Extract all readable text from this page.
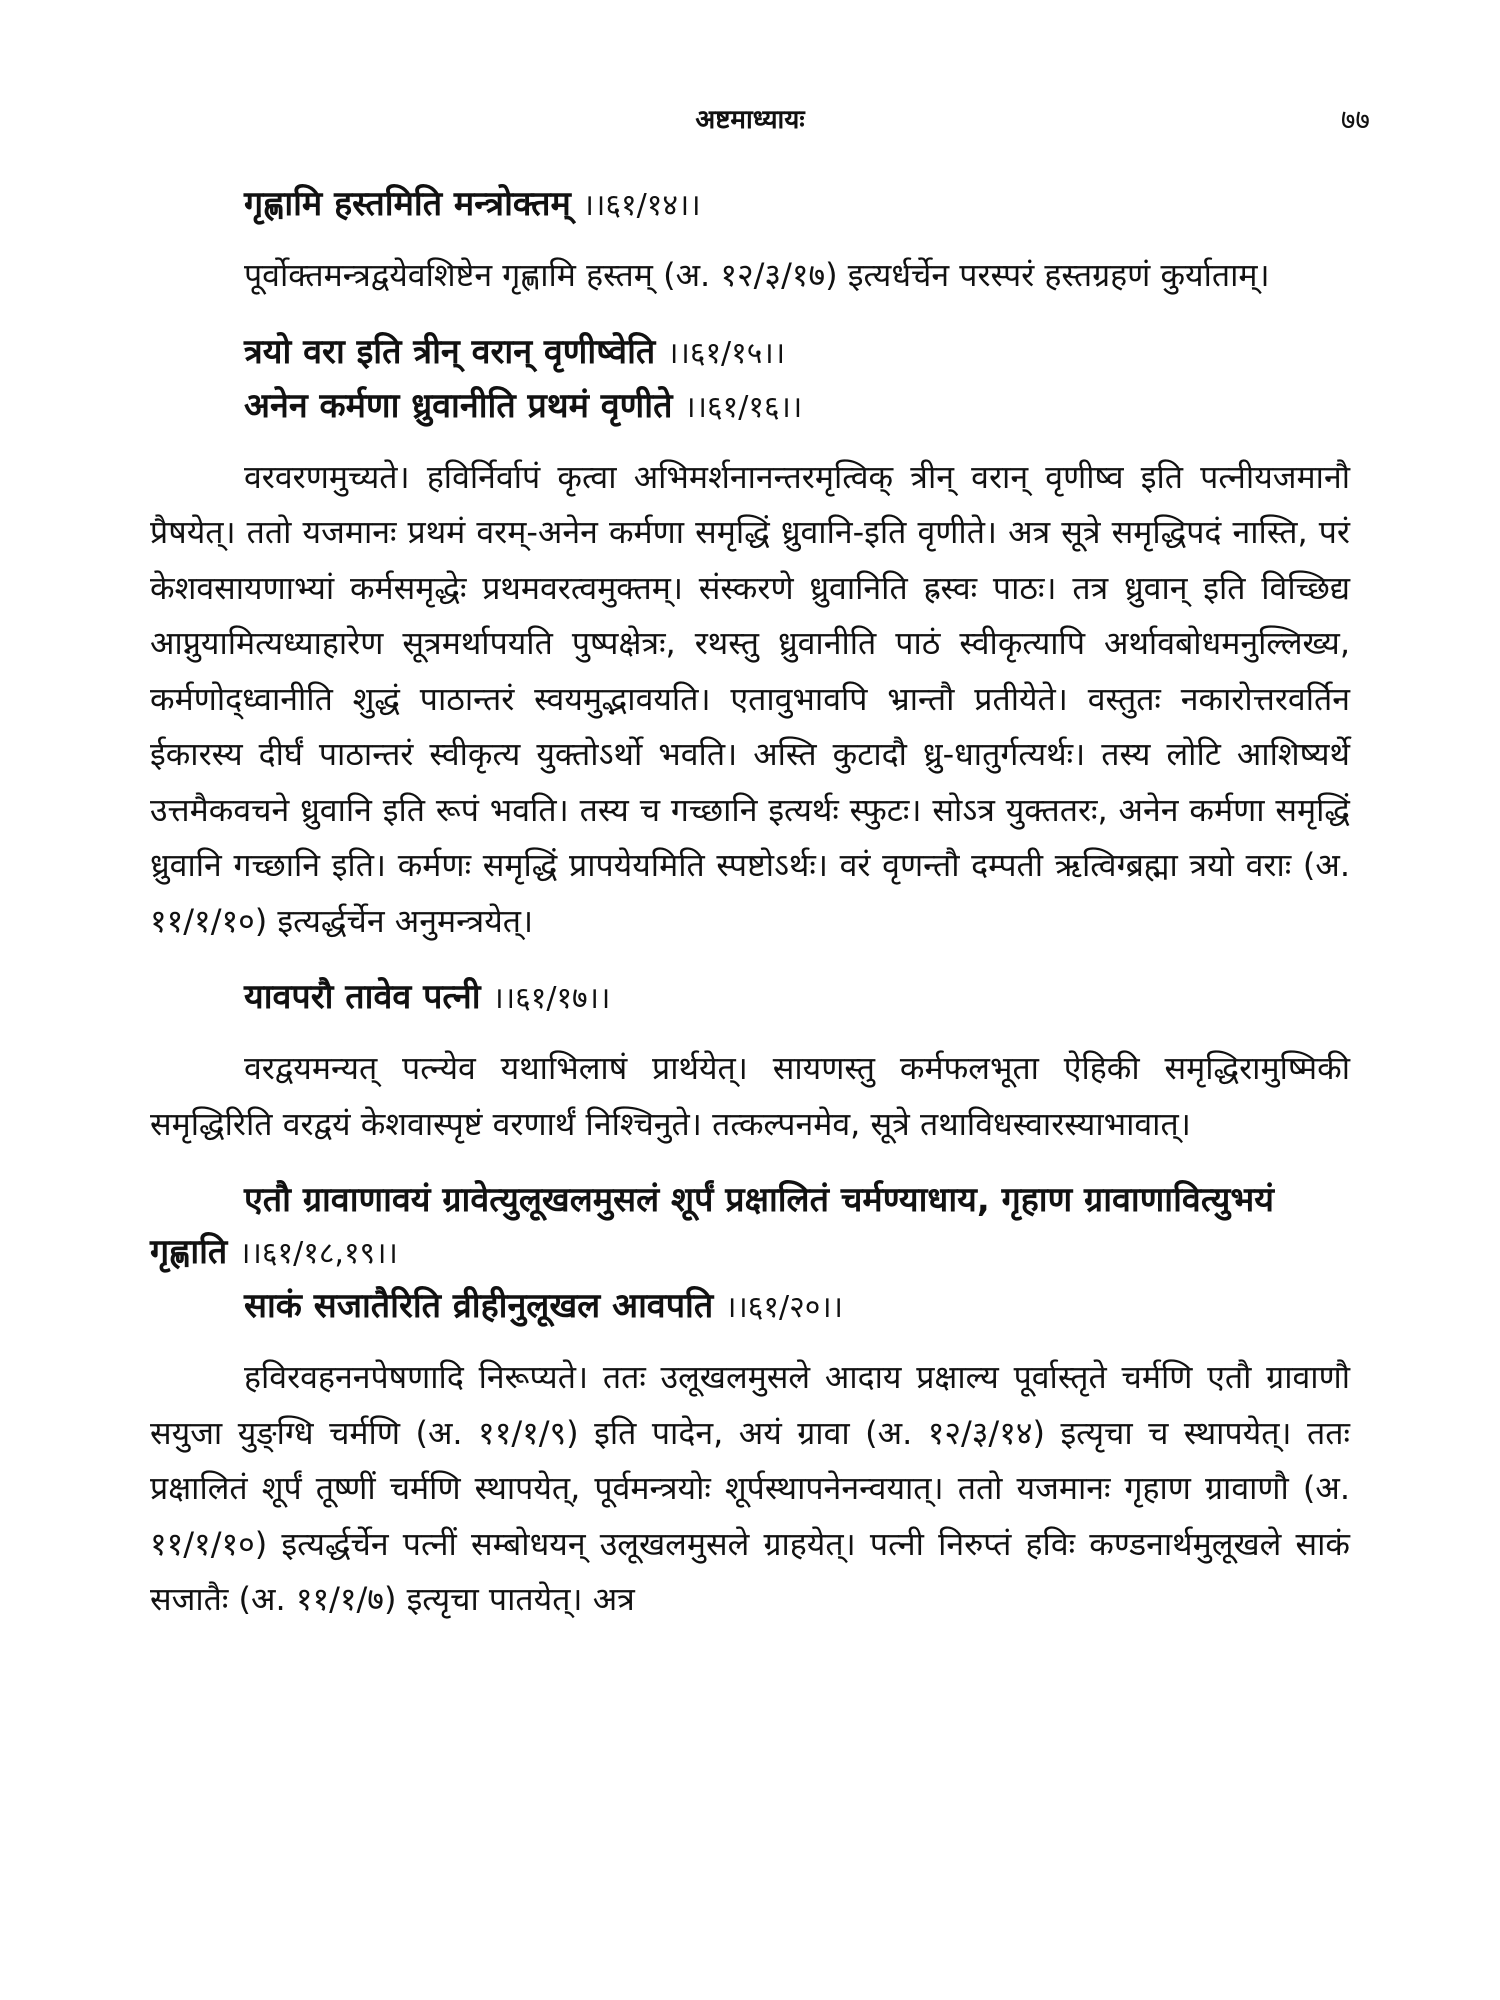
अष्टमाध्यायः	७७

गृह्णामि हस्तमिति मन्त्रोक्तम् ।।६१/१४।।

पूर्वोक्तमन्त्रद्वयेवशिष्टेन गृह्णामि हस्तम् (अ. १२/३/१७) इत्यर्धर्चेन परस्परं हस्तग्रहणं कुर्याताम्।

त्रयो वरा इति त्रीन् वरान् वृणीष्वेति ।।६१/१५।।

अनेन कर्मणा ध्रुवानीति प्रथमं वृणीते ।।६१/१६।।

वरवरणमुच्यते। हविर्निर्वापं कृत्वा अभिमर्शनानन्तरमृत्विक् त्रीन् वरान् वृणीष्व इति पत्नीयजमानौ प्रैषयेत्। ततो यजमानः प्रथमं वरम्-अनेन कर्मणा समृद्धिं ध्रुवानि-इति वृणीते। अत्र सूत्रे समृद्धिपदं नास्ति, परं केशवसायणाभ्यां कर्मसमृद्धेः प्रथमवरत्वमुक्तम्। संस्करणे ध्रुवानिति ह्रस्वः पाठः। तत्र ध्रुवान् इति विच्छिद्य आप्नुयामित्यध्याहारेण सूत्रमर्थापयति पुष्पक्षेत्रः, रथस्तु ध्रुवानीति पाठं स्वीकृत्यापि अर्थावबोधमनुल्लिख्य, कर्मणोद्ध्वानीति शुद्धं पाठान्तरं स्वयमुद्भावयति। एतावुभावपि भ्रान्तौ प्रतीयेते। वस्तुतः नकारोत्तरवर्तिन ईकारस्य दीर्घं पाठान्तरं स्वीकृत्य युक्तोऽर्थो भवति। अस्ति कुटादौ ध्रु-धातुर्गत्यर्थः। तस्य लोटि आशिष्यर्थे उत्तमैकवचने ध्रुवानि इति रूपं भवति। तस्य च गच्छानि इत्यर्थः स्फुटः। सोऽत्र युक्ततरः, अनेन कर्मणा समृद्धिं ध्रुवानि गच्छानि इति। कर्मणः समृद्धिं प्रापयेयमिति स्पष्टोऽर्थः। वरं वृणन्तौ दम्पती ऋत्विग्ब्रह्मा त्रयो वराः (अ. ११/१/१०) इत्यर्द्धर्चेन अनुमन्त्रयेत्।

यावपरौ तावेव पत्नी ।।६१/१७।।

वरद्वयमन्यत् पत्न्येव यथाभिलाषं प्रार्थयेत्। सायणस्तु कर्मफलभूता ऐहिकी समृद्धिरामुष्मिकी समृद्धिरिति वरद्वयं केशवास्पृष्टं वरणार्थं निश्चिनुते। तत्कल्पनमेव, सूत्रे तथाविधस्वारस्याभावात्।

एतौ ग्रावाणावयं ग्रावेत्युलूखलमुसलं शूर्पं प्रक्षालितं चर्मण्याधाय, गृहाण ग्रावाणावित्युभयं गृह्णाति ।।६१/१८,१९।।

साकं सजातैरिति व्रीहीनुलूखल आवपति ।।६१/२०।।

हविरवहननपेषणादि निरूप्यते। ततः उलूखलमुसले आदाय प्रक्षाल्य पूर्वास्तृते चर्मणि एतौ ग्रावाणौ सयुजा युङ्ग्धि चर्मणि (अ. ११/१/९) इति पादेन, अयं ग्रावा (अ. १२/३/१४) इत्यृचा च स्थापयेत्। ततः प्रक्षालितं शूर्पं तूष्णीं चर्मणि स्थापयेत्, पूर्वमन्त्रयोः शूर्पस्थापनेनन्वयात्। ततो यजमानः गृहाण ग्रावाणौ (अ. ११/१/१०) इत्यर्द्धर्चेन पत्नीं सम्बोधयन् उलूखलमुसले ग्राहयेत्। पत्नी निरुप्तं हविः कण्डनार्थमुलूखले साकं सजातैः (अ. ११/१/७) इत्यृचा पातयेत्। अत्र
